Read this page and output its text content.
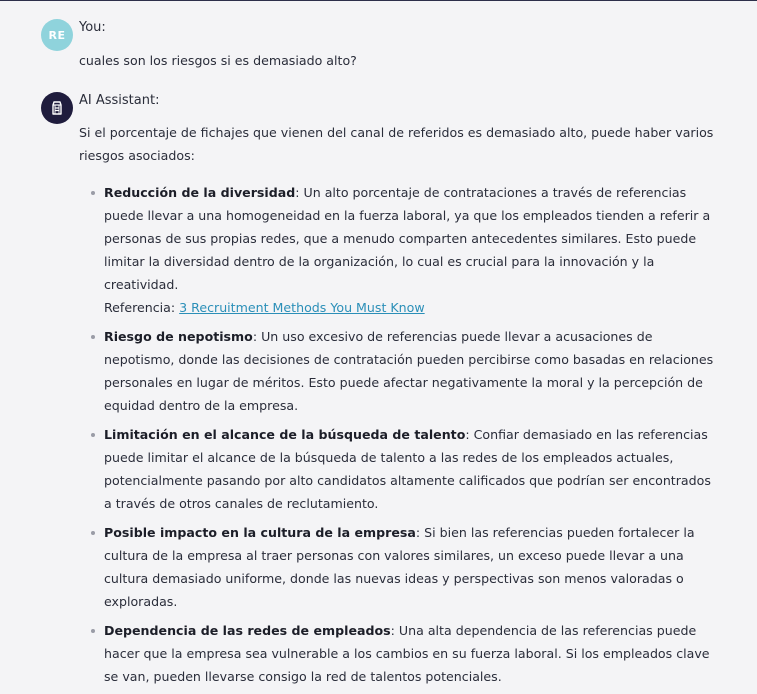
RE You:
cuales son los riesgos si es demasiado alto?
AI Assistant:

Si el porcentaje de fichajes que vienen del canal de referidos es demasiado alto, puede haber varios riesgos asociados:

Reducción de la diversidad: Un alto porcentaje de contrataciones a través de referencias puede llevar a una homogeneidad en la fuerza laboral, ya que los empleados tienden a referir a personas de sus propias redes, que a menudo comparten antecedentes similares. Esto puede limitar la diversidad dentro de la organización, lo cual es crucial para la innovación y la creatividad.

Referencia: 3 Recruitment Methods You Must Know

Riesgo de nepotismo: Un uso excesivo de referencias puede llevar a acusaciones de nepotismo, donde las decisiones de contratación pueden percibirse como basadas en relaciones personales en lugar de méritos. Esto puede afectar negativamente la moral y la percepción de equidad dentro de la empresa.

Limitación en el alcance de la búsqueda de talento: Confiar demasiado en las referencias puede limitar el alcance de la búsqueda de talento a las redes de los empleados actuales, potencialmente pasando por alto candidatos altamente calificados que podrían ser encontrados a través de otros canales de reclutamiento.

Posible impacto en la cultura de la empresa: Si bien las referencias pueden fortalecer la cultura de la empresa al traer personas con valores similares, un exceso puede llevar a una cultura demasiado uniforme, donde las nuevas ideas y perspectivas son menos valoradas o exploradas.

Dependencia de las redes de empleados: Una alta dependencia de las referencias puede hacer que la empresa sea vulnerable a los cambios en su fuerza laboral. Si los empleados clave se van, pueden llevarse consigo la red de talentos potenciales.
